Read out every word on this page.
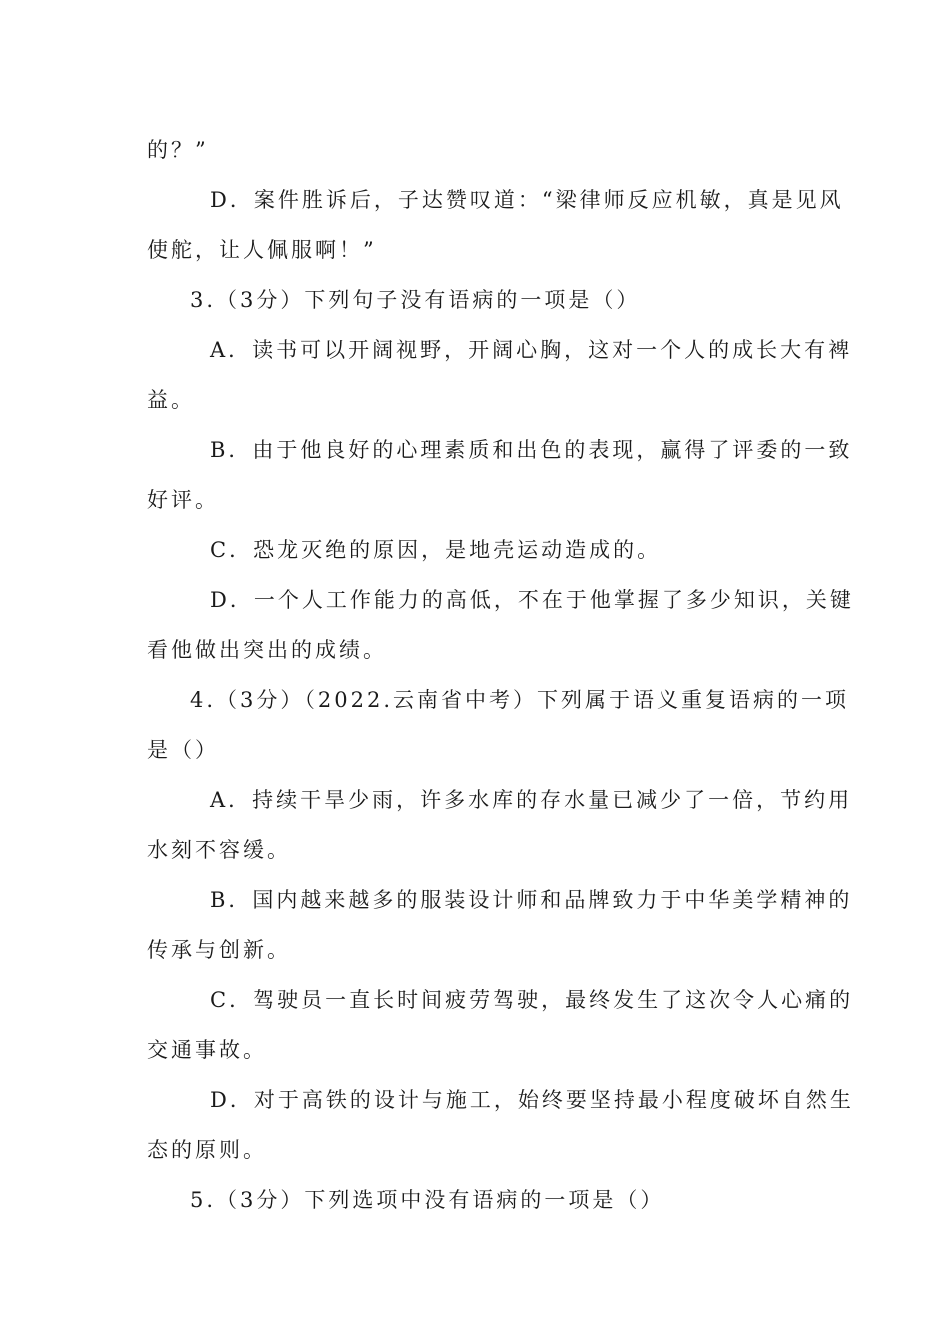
的？”
D．案件胜诉后，子达赞叹道：“梁律师反应机敏，真是见风
使舵，让人佩服啊！”
3.（3分）下列句子没有语病的一项是（）
A．读书可以开阔视野，开阔心胸，这对一个人的成长大有裨
益。
B．由于他良好的心理素质和出色的表现，赢得了评委的一致
好评。
C．恐龙灭绝的原因，是地壳运动造成的。
D．一个人工作能力的高低，不在于他掌握了多少知识，关键
看他做出突出的成绩。
4.（3分）（2022.云南省中考）下列属于语义重复语病的一项
是（）
A．持续干旱少雨，许多水库的存水量已减少了一倍，节约用
水刻不容缓。
B．国内越来越多的服装设计师和品牌致力于中华美学精神的
传承与创新。
C．驾驶员一直长时间疲劳驾驶，最终发生了这次令人心痛的
交通事故。
D．对于高铁的设计与施工，始终要坚持最小程度破坏自然生
态的原则。
5.（3分）下列选项中没有语病的一项是（）
